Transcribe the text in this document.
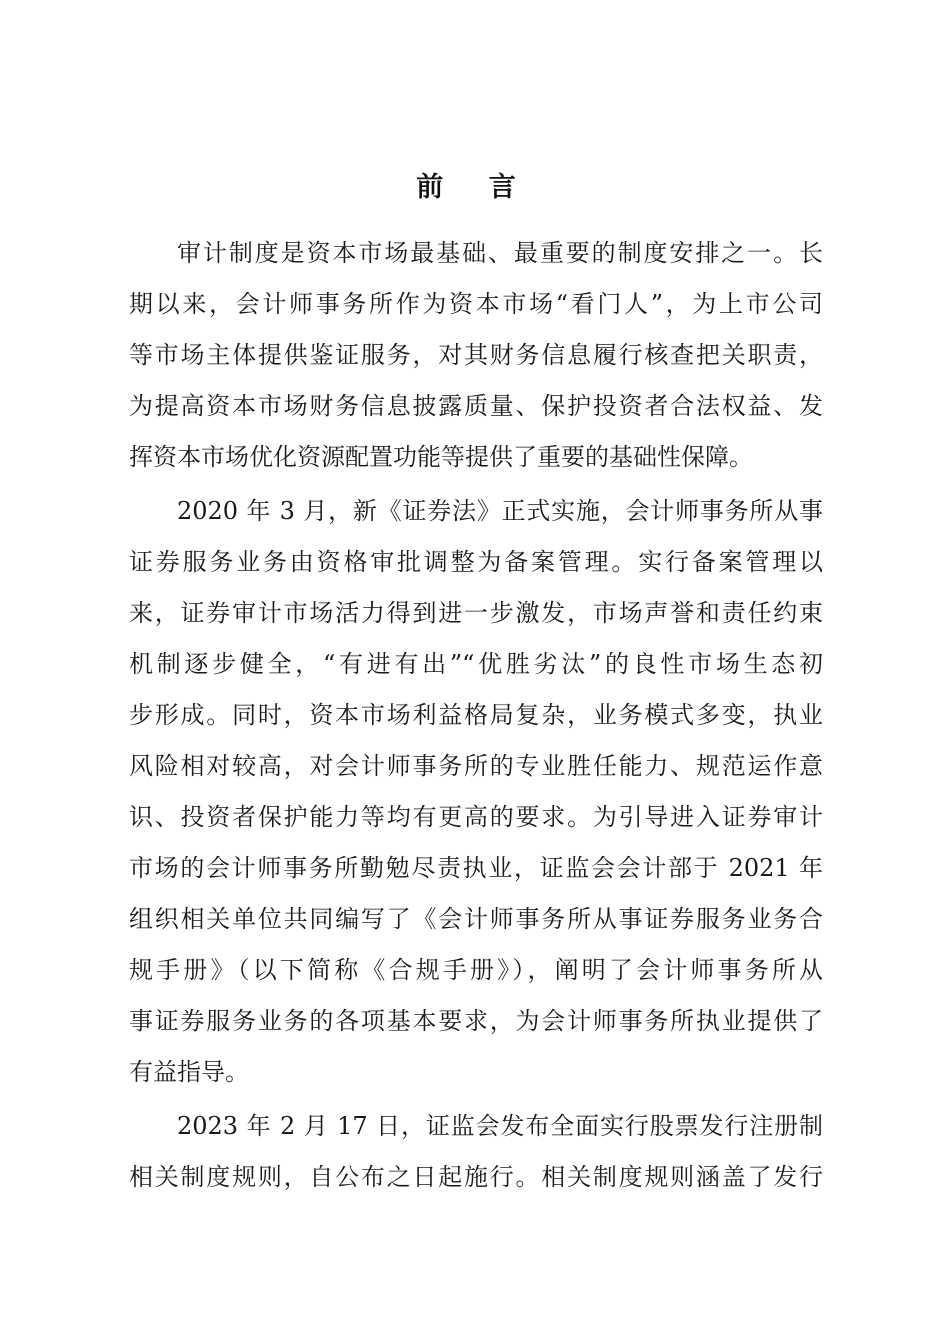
前 言
审计制度是资本市场最基础、最重要的制度安排之一。长
期以来，会计师事务所作为资本市场“看门人”，为上市公司
等市场主体提供鉴证服务，对其财务信息履行核查把关职责，
为提高资本市场财务信息披露质量、保护投资者合法权益、发
挥资本市场优化资源配置功能等提供了重要的基础性保障。
2020 年 3 月，新《证券法》正式实施，会计师事务所从事
证券服务业务由资格审批调整为备案管理。实行备案管理以
来，证券审计市场活力得到进一步激发，市场声誉和责任约束
机制逐步健全，“有进有出”“优胜劣汰”的良性市场生态初
步形成。同时，资本市场利益格局复杂，业务模式多变，执业
风险相对较高，对会计师事务所的专业胜任能力、规范运作意
识、投资者保护能力等均有更高的要求。为引导进入证券审计
市场的会计师事务所勤勉尽责执业，证监会会计部于 2021 年
组织相关单位共同编写了《会计师事务所从事证券服务业务合
规手册》（以下简称《合规手册》），阐明了会计师事务所从
事证券服务业务的各项基本要求，为会计师事务所执业提供了
有益指导。
2023 年 2 月 17 日，证监会发布全面实行股票发行注册制
相关制度规则，自公布之日起施行。相关制度规则涵盖了发行
